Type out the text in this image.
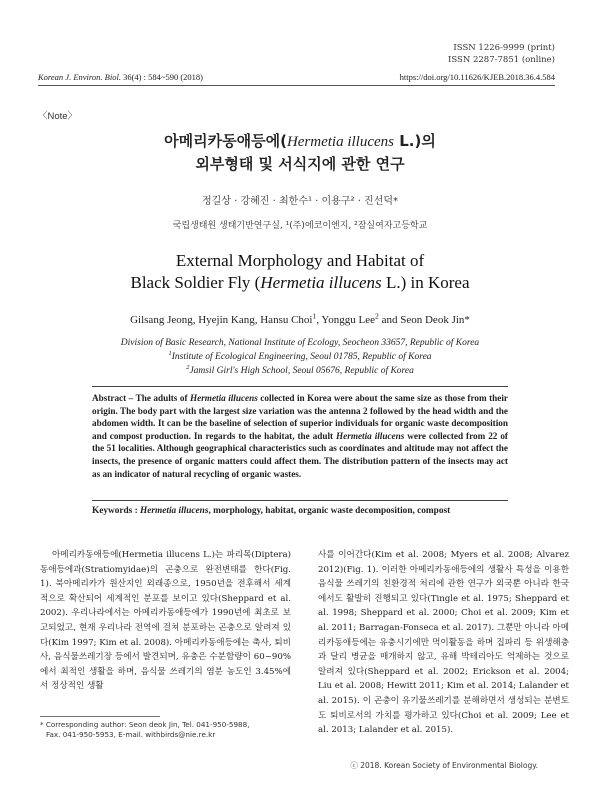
ISSN 1226-9999 (print)
ISSN 2287-7851 (online)
Korean J. Environ. Biol. 36(4) : 584~590 (2018)	https://doi.org/10.11626/KJEB.2018.36.4.584
〈Note〉
아메리카동애등에(Hermetia illucens L.)의
외부형태 및 서식지에 관한 연구
정길상 · 강혜진 · 최한수¹ · 이용구² · 진선덕*
국립생태원 생태기반연구실, ¹(주)에코이엔지, ²잠실여자고등학교
External Morphology and Habitat of
Black Soldier Fly (Hermetia illucens L.) in Korea
Gilsang Jeong, Hyejin Kang, Hansu Choi$^1$, Yonggu Lee$^2$ and Seon Deok Jin*
Division of Basic Research, National Institute of Ecology, Seocheon 33657, Republic of Korea
$^1$Institute of Ecological Engineering, Seoul 01785, Republic of Korea
$^2$Jamsil Girl's High School, Seoul 05676, Republic of Korea
Abstract – The adults of Hermetia illucens collected in Korea were about the same size as those from their origin. The body part with the largest size variation was the antenna 2 followed by the head width and the abdomen width. It can be the baseline of selection of superior individuals for organic waste decomposition and compost production. In regards to the habitat, the adult Hermetia illucens were collected from 22 of the 51 localities. Although geographical characteristics such as coordinates and altitude may not affect the insects, the presence of organic matters could affect them. The distribution pattern of the insects may act as an indicator of natural recycling of organic wastes.
Keywords : Hermetia illucens, morphology, habitat, organic waste decomposition, compost

아메리카동애등에(Hermetia illucens L.)는 파리목(Diptera) 동애등에과(Stratiomyidae)의 곤충으로 완전변태를 한다(Fig. 1). 북아메리카가 원산지인 외래종으로, 1950년을 전후해서 세계적으로 확산되어 세계적인 분포를 보이고 있다(Sheppard et al. 2002). 우리나라에서는 아메리카동애등에가 1990년에 최초로 보고되었고, 현재 우리나라 전역에 걸쳐 분포하는 곤충으로 알려져 있다(Kim 1997; Kim et al. 2008). 아메리카동애등에는 축사, 퇴비사, 음식물쓰레기장 등에서 발견되며, 유충은 수분함량이 60~90%에서 최적인 생활을 하며, 음식물 쓰레기의 염분 농도인 3.45%에서 정상적인 생활

사를 이어간다(Kim et al. 2008; Myers et al. 2008; Alvarez 2012)(Fig. 1). 이러한 아메리카동애등에의 생활사 특성을 이용한 음식물 쓰레기의 친환경적 처리에 관한 연구가 외국뿐 아니라 한국에서도 활발히 진행되고 있다(Tingle et al. 1975; Sheppard et al. 1998; Sheppard et al. 2000; Choi et al. 2009; Kim et al. 2011; Barragan-Fonseca et al. 2017). 그뿐만 아니라 아메리카동애등에는 유충시기에만 먹이활동을 하며 집파리 등 위생해충과 달리 병균을 매개하지 않고, 유해 박테리아도 억제하는 것으로 알려져 있다(Sheppard et al. 2002; Erickson et al. 2004; Liu et al. 2008; Hewitt 2011; Kim et al. 2014; Lalander et al. 2015). 이 곤충이 유기물쓰레기를 분해하면서 생성되는 분변토도 퇴비로서의 가치를 평가하고 있다(Choi et al. 2009; Lee et al. 2013; Lalander et al. 2015).

* Corresponding author: Seon deok Jin, Tel. 041-950-5988,
Fax. 041-950-5953, E-mail. withbirds@nie.re.kr
ⓒ 2018. Korean Society of Environmental Biology.
